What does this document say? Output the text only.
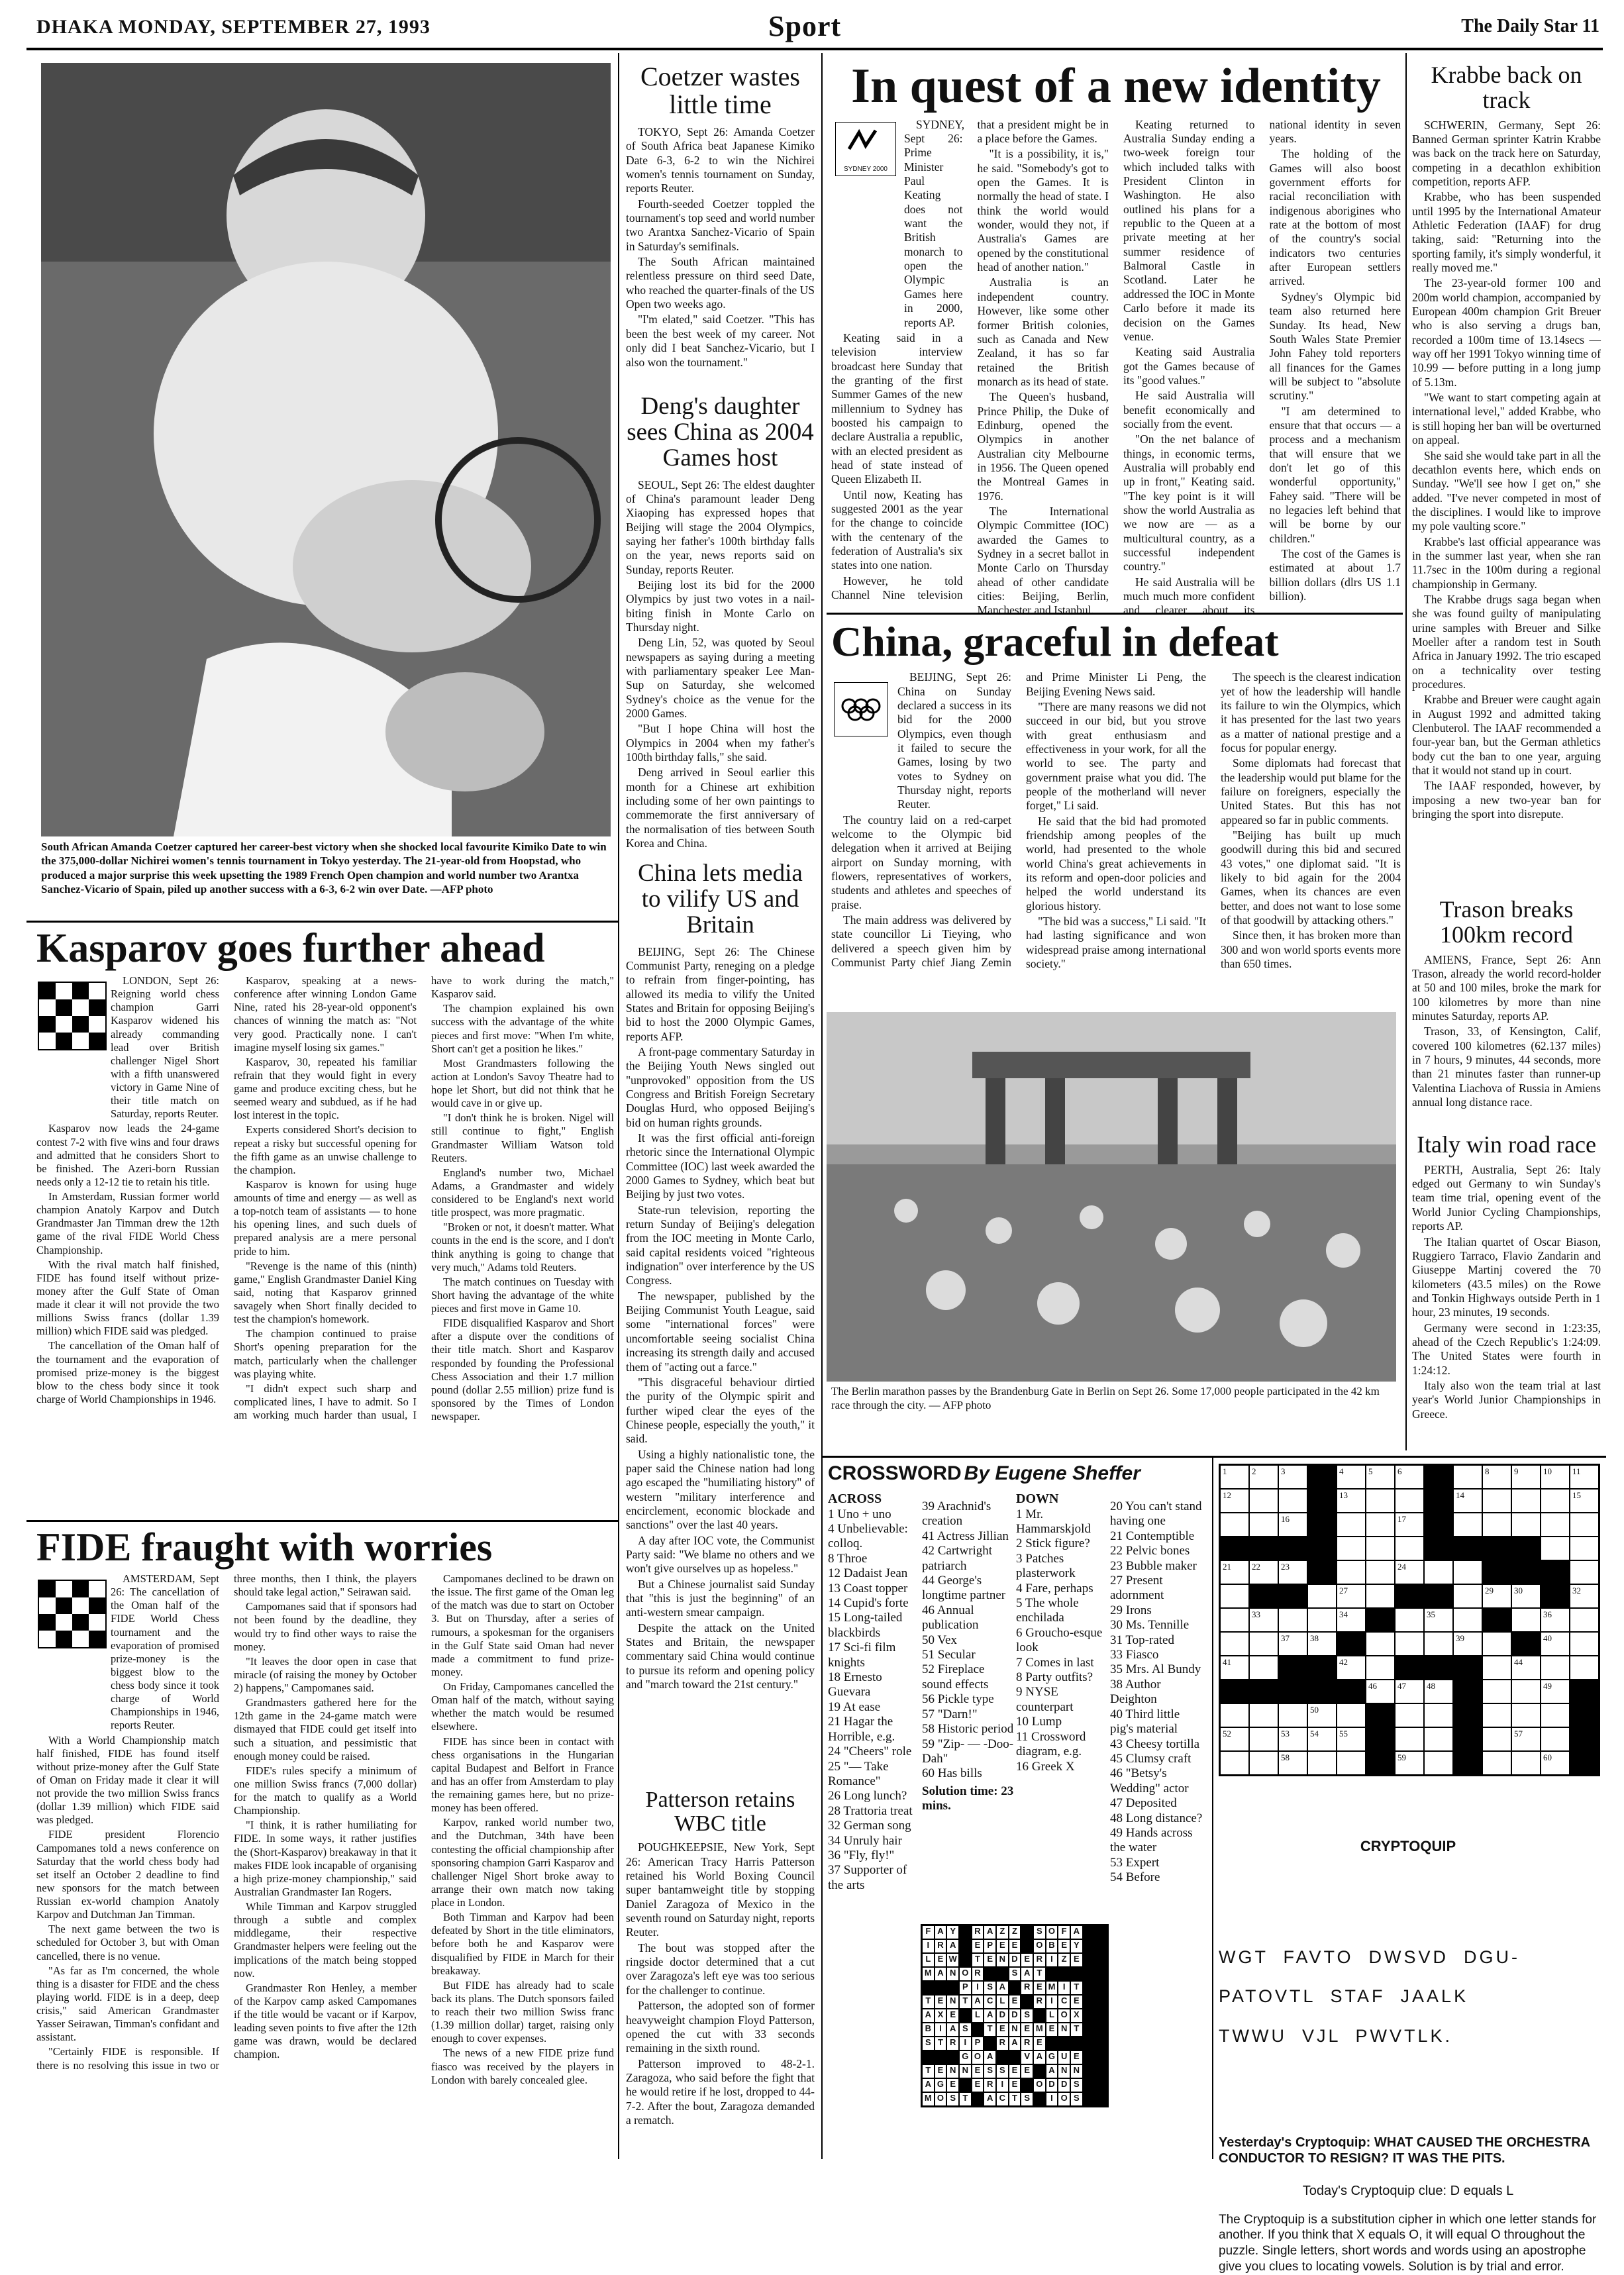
DHAKA MONDAY, SEPTEMBER 27, 1993	Sport	The Daily Star 11
South African Amanda Coetzer captured her career-best victory when she shocked local favourite Kimiko Date to win the 375,000-dollar Nichirei women's tennis tournament in Tokyo yesterday. The 21-year-old from Hoopstad, who produced a major surprise this week upsetting the 1989 French Open champion and world number two Arantxa Sanchez-Vicario of Spain, piled up another success with a 6-3, 6-2 win over Date. —AFP photo
Coetzer wastes little time

TOKYO, Sept 26: Amanda Coetzer of South Africa beat Japanese Kimiko Date 6-3, 6-2 to win the Nichirei women's tennis tournament on Sunday, reports Reuter.

Fourth-seeded Coetzer toppled the tournament's top seed and world number two Arantxa Sanchez-Vicario of Spain in Saturday's semifinals.

The South African maintained relentless pressure on third seed Date, who reached the quarter-finals of the US Open two weeks ago.

"I'm elated," said Coetzer. "This has been the best week of my career. Not only did I beat Sanchez-Vicario, but I also won the tournament."

Deng's daughter sees China as 2004 Games host

SEOUL, Sept 26: The eldest daughter of China's paramount leader Deng Xiaoping has expressed hopes that Beijing will stage the 2004 Olympics, saying her father's 100th birthday falls on the year, news reports said on Sunday, reports Reuter.

Beijing lost its bid for the 2000 Olympics by just two votes in a nail-biting finish in Monte Carlo on Thursday night.

Deng Lin, 52, was quoted by Seoul newspapers as saying during a meeting with parliamentary speaker Lee Man-Sup on Saturday, she welcomed Sydney's choice as the venue for the 2000 Games.

"But I hope China will host the Olympics in 2004 when my father's 100th birthday falls," she said.

Deng arrived in Seoul earlier this month for a Chinese art exhibition including some of her own paintings to commemorate the first anniversary of the normalisation of ties between South Korea and China.

China lets media to vilify US and Britain

BEIJING, Sept 26: The Chinese Communist Party, reneging on a pledge to refrain from finger-pointing, has allowed its media to vilify the United States and Britain for opposing Beijing's bid to host the 2000 Olympic Games, reports AFP.

A front-page commentary Saturday in the Beijing Youth News singled out "unprovoked" opposition from the US Congress and British Foreign Secretary Douglas Hurd, who opposed Beijing's bid on human rights grounds.

It was the first official anti-foreign rhetoric since the International Olympic Committee (IOC) last week awarded the 2000 Games to Sydney, which beat but Beijing by just two votes.

State-run television, reporting the return Sunday of Beijing's delegation from the IOC meeting in Monte Carlo, said capital residents voiced "righteous indignation" over interference by the US Congress.

The newspaper, published by the Beijing Communist Youth League, said some "international forces" were uncomfortable seeing socialist China increasing its strength daily and accused them of "acting out a farce."

"This disgraceful behaviour dirtied the purity of the Olympic spirit and further wiped clear the eyes of the Chinese people, especially the youth," it said.

Using a highly nationalistic tone, the paper said the Chinese nation had long ago escaped the "humiliating history" of western "military interference and encirclement, economic blockade and sanctions" over the last 40 years.

A day after IOC vote, the Communist Party said: "We blame no others and we won't give ourselves up as hopeless."

But a Chinese journalist said Sunday that "this is just the beginning" of an anti-western smear campaign.

Despite the attack on the United States and Britain, the newspaper commentary said China would continue to pursue its reform and opening policy and "march toward the 21st century."

Patterson retains WBC title

POUGHKEEPSIE, New York, Sept 26: American Tracy Harris Patterson retained his World Boxing Council super bantamweight title by stopping Daniel Zaragoza of Mexico in the seventh round on Saturday night, reports Reuter.

The bout was stopped after the ringside doctor determined that a cut over Zaragoza's left eye was too serious for the challenger to continue.

Patterson, the adopted son of former heavyweight champion Floyd Patterson, opened the cut with 33 seconds remaining in the sixth round.

Patterson improved to 48-2-1. Zaragoza, who said before the fight that he would retire if he lost, dropped to 44-7-2. After the bout, Zaragoza demanded a rematch.

In quest of a new identity
SYDNEY 2000

SYDNEY, Sept 26: Prime Minister Paul Keating does not want the British monarch to open the Olympic Games here in 2000, reports AP.

Keating said in a television interview broadcast here Sunday that the granting of the first Summer Games of the new millennium to Sydney has boosted his campaign to declare Australia a republic, with an elected president as head of state instead of Queen Elizabeth II.

Until now, Keating has suggested 2001 as the year for the change to coincide with the centenary of the federation of Australia's six states into one nation.

However, he told Channel Nine television that a president might be in a place before the Games.

"It is a possibility, it is," he said. "Somebody's got to open the Games. It is normally the head of state. I think the world would wonder, would they not, if Australia's Games are opened by the constitutional head of another nation."

Australia is an independent country. However, like some other former British colonies, such as Canada and New Zealand, it has so far retained the British monarch as its head of state.

The Queen's husband, Prince Philip, the Duke of Edinburg, opened the Olympics in another Australian city Melbourne in 1956. The Queen opened the Montreal Games in 1976.

The International Olympic Committee (IOC) awarded the Games to Sydney in a secret ballot in Monte Carlo on Thursday ahead of other candidate cities: Beijing, Berlin, Manchester and Istanbul.

Keating returned to Australia Sunday ending a two-week foreign tour which included talks with President Clinton in Washington. He also outlined his plans for a republic to the Queen at a private meeting at her summer residence of Balmoral Castle in Scotland. Later he addressed the IOC in Monte Carlo before it made its decision on the Games venue.

Keating said Australia got the Games because of its "good values."

He said Australia will benefit economically and socially from the event.

"On the net balance of things, in economic terms, Australia will probably end up in front," Keating said. "The key point is it will show the world Australia as we now are — as a multicultural country, as a successful independent country."

He said Australia will be much much more confident and clearer about its national identity in seven years.

The holding of the Games will also boost government efforts for racial reconciliation with indigenous aborigines who rate at the bottom of most of the country's social indicators two centuries after European settlers arrived.

Sydney's Olympic bid team also returned here Sunday. Its head, New South Wales State Premier John Fahey told reporters all finances for the Games will be subject to "absolute scrutiny."

"I am determined to ensure that that occurs — a process and a mechanism that will ensure that we don't let go of this wonderful opportunity," Fahey said. "There will be no legacies left behind that will be borne by our children."

The cost of the Games is estimated at about 1.7 billion dollars (dlrs US 1.1 billion).

China, graceful in defeat

BEIJING, Sept 26: China on Sunday declared a success in its bid for the 2000 Olympics, even though it failed to secure the Games, losing by two votes to Sydney on Thursday night, reports Reuter.

The country laid on a red-carpet welcome to the Olympic bid delegation when it arrived at Beijing airport on Sunday morning, with flowers, representatives of workers, students and athletes and speeches of praise.

The main address was delivered by state councillor Li Tieying, who delivered a speech given him by Communist Party chief Jiang Zemin and Prime Minister Li Peng, the Beijing Evening News said.

"There are many reasons we did not succeed in our bid, but you strove with great enthusiasm and effectiveness in your work, for all the world to see. The party and government praise what you did. The people of the motherland will never forget," Li said.

He said that the bid had promoted friendship among peoples of the world, had presented to the whole world China's great achievements in its reform and open-door policies and helped the world understand its glorious history.

"The bid was a success," Li said. "It had lasting significance and won widespread praise among international society."

The speech is the clearest indication yet of how the leadership will handle its failure to win the Olympics, which it has presented for the last two years as a matter of national prestige and a focus for popular energy.

Some diplomats had forecast that the leadership would put blame for the failure on foreigners, especially the United States. But this has not appeared so far in public comments.

"Beijing has built up much goodwill during this bid and secured 43 votes," one diplomat said. "It is likely to bid again for the 2004 Games, when its chances are even better, and does not want to lose some of that goodwill by attacking others."

Since then, it has broken more than 300 and won world sports events more than 650 times.

The Berlin marathon passes by the Brandenburg Gate in Berlin on Sept 26. Some 17,000 people participated in the 42 km race through the city. — AFP photo
Krabbe back on track

SCHWERIN, Germany, Sept 26: Banned German sprinter Katrin Krabbe was back on the track here on Saturday, competing in a decathlon exhibition competition, reports AFP.

Krabbe, who has been suspended until 1995 by the International Amateur Athletic Federation (IAAF) for drug taking, said: "Returning into the sporting family, it's simply wonderful, it really moved me."

The 23-year-old former 100 and 200m world champion, accompanied by European 400m champion Grit Breuer who is also serving a drugs ban, recorded a 100m time of 13.14secs — way off her 1991 Tokyo winning time of 10.99 — before putting in a long jump of 5.13m.

"We want to start competing again at international level," added Krabbe, who is still hoping her ban will be overturned on appeal.

She said she would take part in all the decathlon events here, which ends on Sunday. "We'll see how I get on," she added. "I've never competed in most of the disciplines. I would like to improve my pole vaulting score."

Krabbe's last official appearance was in the summer last year, when she ran 11.7sec in the 100m during a regional championship in Germany.

The Krabbe drugs saga began when she was found guilty of manipulating urine samples with Breuer and Silke Moeller after a random test in South Africa in January 1992. The trio escaped on a technicality over testing procedures.

Krabbe and Breuer were caught again in August 1992 and admitted taking Clenbuterol. The IAAF recommended a four-year ban, but the German athletics body cut the ban to one year, arguing that it would not stand up in court.

The IAAF responded, however, by imposing a new two-year ban for bringing the sport into disrepute.

Trason breaks 100km record

AMIENS, France, Sept 26: Ann Trason, already the world record-holder at 50 and 100 miles, broke the mark for 100 kilometres by more than nine minutes Saturday, reports AP.

Trason, 33, of Kensington, Calif, covered 100 kilometres (62.137 miles) in 7 hours, 9 minutes, 44 seconds, more than 21 minutes faster than runner-up Valentina Liachova of Russia in Amiens annual long distance race.

Italy win road race

PERTH, Australia, Sept 26: Italy edged out Germany to win Sunday's team time trial, opening event of the World Junior Cycling Championships, reports AP.

The Italian quartet of Oscar Biason, Ruggiero Tarraco, Flavio Zandarin and Giuseppe Martinj covered the 70 kilometers (43.5 miles) on the Rowe and Tonkin Highways outside Perth in 1 hour, 23 minutes, 19 seconds.

Germany were second in 1:23:35, ahead of the Czech Republic's 1:24:09. The United States were fourth in 1:24:12.

Italy also won the team trial at last year's World Junior Championships in Greece.

Kasparov goes further ahead

LONDON, Sept 26: Reigning world chess champion Garri Kasparov widened his already commanding lead over British challenger Nigel Short with a fifth unanswered victory in Game Nine of their title match on Saturday, reports Reuter.

Kasparov now leads the 24-game contest 7-2 with five wins and four draws and admitted that he considers Short to be finished. The Azeri-born Russian needs only a 12-12 tie to retain his title.

In Amsterdam, Russian former world champion Anatoly Karpov and Dutch Grandmaster Jan Timman drew the 12th game of the rival FIDE World Chess Championship.

With the rival match half finished, FIDE has found itself without prize-money after the Gulf State of Oman made it clear it will not provide the two millions Swiss francs (dollar 1.39 million) which FIDE said was pledged.

The cancellation of the Oman half of the tournament and the evaporation of promised prize-money is the biggest blow to the chess body since it took charge of World Championships in 1946.

Kasparov, speaking at a news-conference after winning London Game Nine, rated his 28-year-old opponent's chances of winning the match as: "Not very good. Practically none. I can't imagine myself losing six games."

Kasparov, 30, repeated his familiar refrain that they would fight in every game and produce exciting chess, but he seemed weary and subdued, as if he had lost interest in the topic.

Experts considered Short's decision to repeat a risky but successful opening for the fifth game as an unwise challenge to the champion.

Kasparov is known for using huge amounts of time and energy — as well as a top-notch team of assistants — to hone his opening lines, and such duels of prepared analysis are a mere personal pride to him.

"Revenge is the name of this (ninth) game," English Grandmaster Daniel King said, noting that Kasparov grinned savagely when Short finally decided to test the champion's homework.

The champion continued to praise Short's opening preparation for the match, particularly when the challenger was playing white.

"I didn't expect such sharp and complicated lines, I have to admit. So I am working much harder than usual, I have to work during the match," Kasparov said.

The champion explained his own success with the advantage of the white pieces and first move: "When I'm white, Short can't get a position he likes."

Most Grandmasters following the action at London's Savoy Theatre had to hope let Short, but did not think that he would cave in or give up.

"I don't think he is broken. Nigel will still continue to fight," English Grandmaster William Watson told Reuters.

England's number two, Michael Adams, a Grandmaster and widely considered to be England's next world title prospect, was more pragmatic.

"Broken or not, it doesn't matter. What counts in the end is the score, and I don't think anything is going to change that very much," Adams told Reuters.

The match continues on Tuesday with Short having the advantage of the white pieces and first move in Game 10.

FIDE disqualified Kasparov and Short after a dispute over the conditions of their title match. Short and Kasparov responded by founding the Professional Chess Association and their 1.7 million pound (dollar 2.55 million) prize fund is sponsored by the Times of London newspaper.

FIDE fraught with worries

AMSTERDAM, Sept 26: The cancellation of the Oman half of the FIDE World Chess tournament and the evaporation of promised prize-money is the biggest blow to the chess body since it took charge of World Championships in 1946, reports Reuter.

With a World Championship match half finished, FIDE has found itself without prize-money after the Gulf State of Oman on Friday made it clear it will not provide the two million Swiss francs (dollar 1.39 million) which FIDE said was pledged.

FIDE president Florencio Campomanes told a news conference on Saturday that the world chess body had set itself an October 2 deadline to find new sponsors for the match between Russian ex-world champion Anatoly Karpov and Dutchman Jan Timman.

The next game between the two is scheduled for October 3, but with Oman cancelled, there is no venue.

"As far as I'm concerned, the whole thing is a disaster for FIDE and the chess playing world. FIDE is in a deep, deep crisis," said American Grandmaster Yasser Seirawan, Timman's confidant and assistant.

"Certainly FIDE is responsible. If there is no resolving this issue in two or three months, then I think, the players should take legal action," Seirawan said.

Campomanes said that if sponsors had not been found by the deadline, they would try to find other ways to raise the money.

"It leaves the door open in case that miracle (of raising the money by October 2) happens," Campomanes said.

Grandmasters gathered here for the 12th game in the 24-game match were dismayed that FIDE could get itself into such a situation, and pessimistic that enough money could be raised.

FIDE's rules specify a minimum of one million Swiss francs (7,000 dollar) for the match to qualify as a World Championship.

"I think, it is rather humiliating for FIDE. In some ways, it rather justifies the (Short-Kasparov) breakaway in that it makes FIDE look incapable of organising a high prize-money championship," said Australian Grandmaster Ian Rogers.

While Timman and Karpov struggled through a subtle and complex middlegame, their respective Grandmaster helpers were feeling out the implications of the match being stopped now.

Grandmaster Ron Henley, a member of the Karpov camp asked Campomanes if the title would be vacant or if Karpov, leading seven points to five after the 12th game was drawn, would be declared champion.

Campomanes declined to be drawn on the issue. The first game of the Oman leg of the match was due to start on October 3. But on Thursday, after a series of rumours, a spokesman for the organisers in the Gulf State said Oman had never made a commitment to fund prize-money.

On Friday, Campomanes cancelled the Oman half of the match, without saying whether the match would be resumed elsewhere.

FIDE has since been in contact with chess organisations in the Hungarian capital Budapest and Belfort in France and has an offer from Amsterdam to play the remaining games here, but no prize-money has been offered.

Karpov, ranked world number two, and the Dutchman, 34th have been contesting the official championship after sponsoring champion Garri Kasparov and challenger Nigel Short broke away to arrange their own match now taking place in London.

Both Timman and Karpov had been defeated by Short in the title eliminators, before both he and Kasparov were disqualified by FIDE in March for their breakaway.

But FIDE has already had to scale back its plans. The Dutch sponsors failed to reach their two million Swiss franc (1.39 million dollar) target, raising only enough to cover expenses.

The news of a new FIDE prize fund fiasco was received by the players in London with barely concealed glee.

CROSSWORD By Eugene Sheffer
ACROSS
1 Uno + uno
4 Unbelievable: colloq.
8 Throe
12 Dadaist Jean
13 Coast topper
14 Cupid's forte
15 Long-tailed blackbirds
17 Sci-fi film knights
18 Ernesto Guevara
19 At ease
21 Hagar the Horrible, e.g.
24 "Cheers" role
25 "— Take Romance"
26 Long lunch?
28 Trattoria treat
32 German song
34 Unruly hair
36 "Fly, fly!"
37 Supporter of the arts
39 Arachnid's creation
41 Actress Jillian
42 Cartwright patriarch
44 George's longtime partner
46 Annual publication
50 Vex
51 Secular
52 Fireplace sound effects
56 Pickle type
57 "Darn!"
58 Historic period
59 "Zip- — -Doo-Dah"
60 Has bills
Solution time: 23 mins.
DOWN
1 Mr. Hammarskjold
2 Stick figure?
3 Patches plasterwork
4 Fare, perhaps
5 The whole enchilada
6 Groucho-esque look
7 Comes in last
8 Party outfits?
9 NYSE counterpart
10 Lump
11 Crossword diagram, e.g.
16 Greek X
20 You can't stand having one
21 Contemptible
22 Pelvic bones
23 Bubble maker
27 Present adornment
29 Irons
30 Ms. Tennille
31 Top-rated
33 Fiasco
35 Mrs. Al Bundy
38 Author Deighton
40 Third little pig's material
43 Cheesy tortilla
45 Clumsy craft
46 "Betsy's Wedding" actor
47 Deposited
48 Long distance?
49 Hands across the water
53 Expert
54 Before
F A Y	R A Z Z	S O F A
I R A	E P E E	O B E Y
L E W	T E N D E R I Z E
M A N O R	S A T
P I S A	R E M I T
T E N T A C L E	R I C E
A X E	L A D D S	L O X
B I A S	T E N E M E N T
S T R I P	R A R E
G O A	V A G U E
T E N N E S S E E	A N N
A G E	E R I E	O D D S
M O S T	A C T S	I O S
1	2	3	4	5	6	8	9	10	11
12	13	14	15
16	17
21	22	23	24
27	29	30	32
33	34	35	36
37	38	39	40
41	42	44
46	47	48	49
50
52	53	54	55	57
58	59	60
CRYPTOQUIP

WGT  FAVTO  DWSVD  DGU-
PATOVTL  STAF  JAALK
TWWU  VJL  PWVTLK.

Yesterday's Cryptoquip: WHAT CAUSED THE ORCHESTRA CONDUCTOR TO RESIGN? IT WAS THE PITS.
Today's Cryptoquip clue: D equals L
The Cryptoquip is a substitution cipher in which one letter stands for another. If you think that X equals O, it will equal O throughout the puzzle. Single letters, short words and words using an apostrophe give you clues to locating vowels. Solution is by trial and error.
